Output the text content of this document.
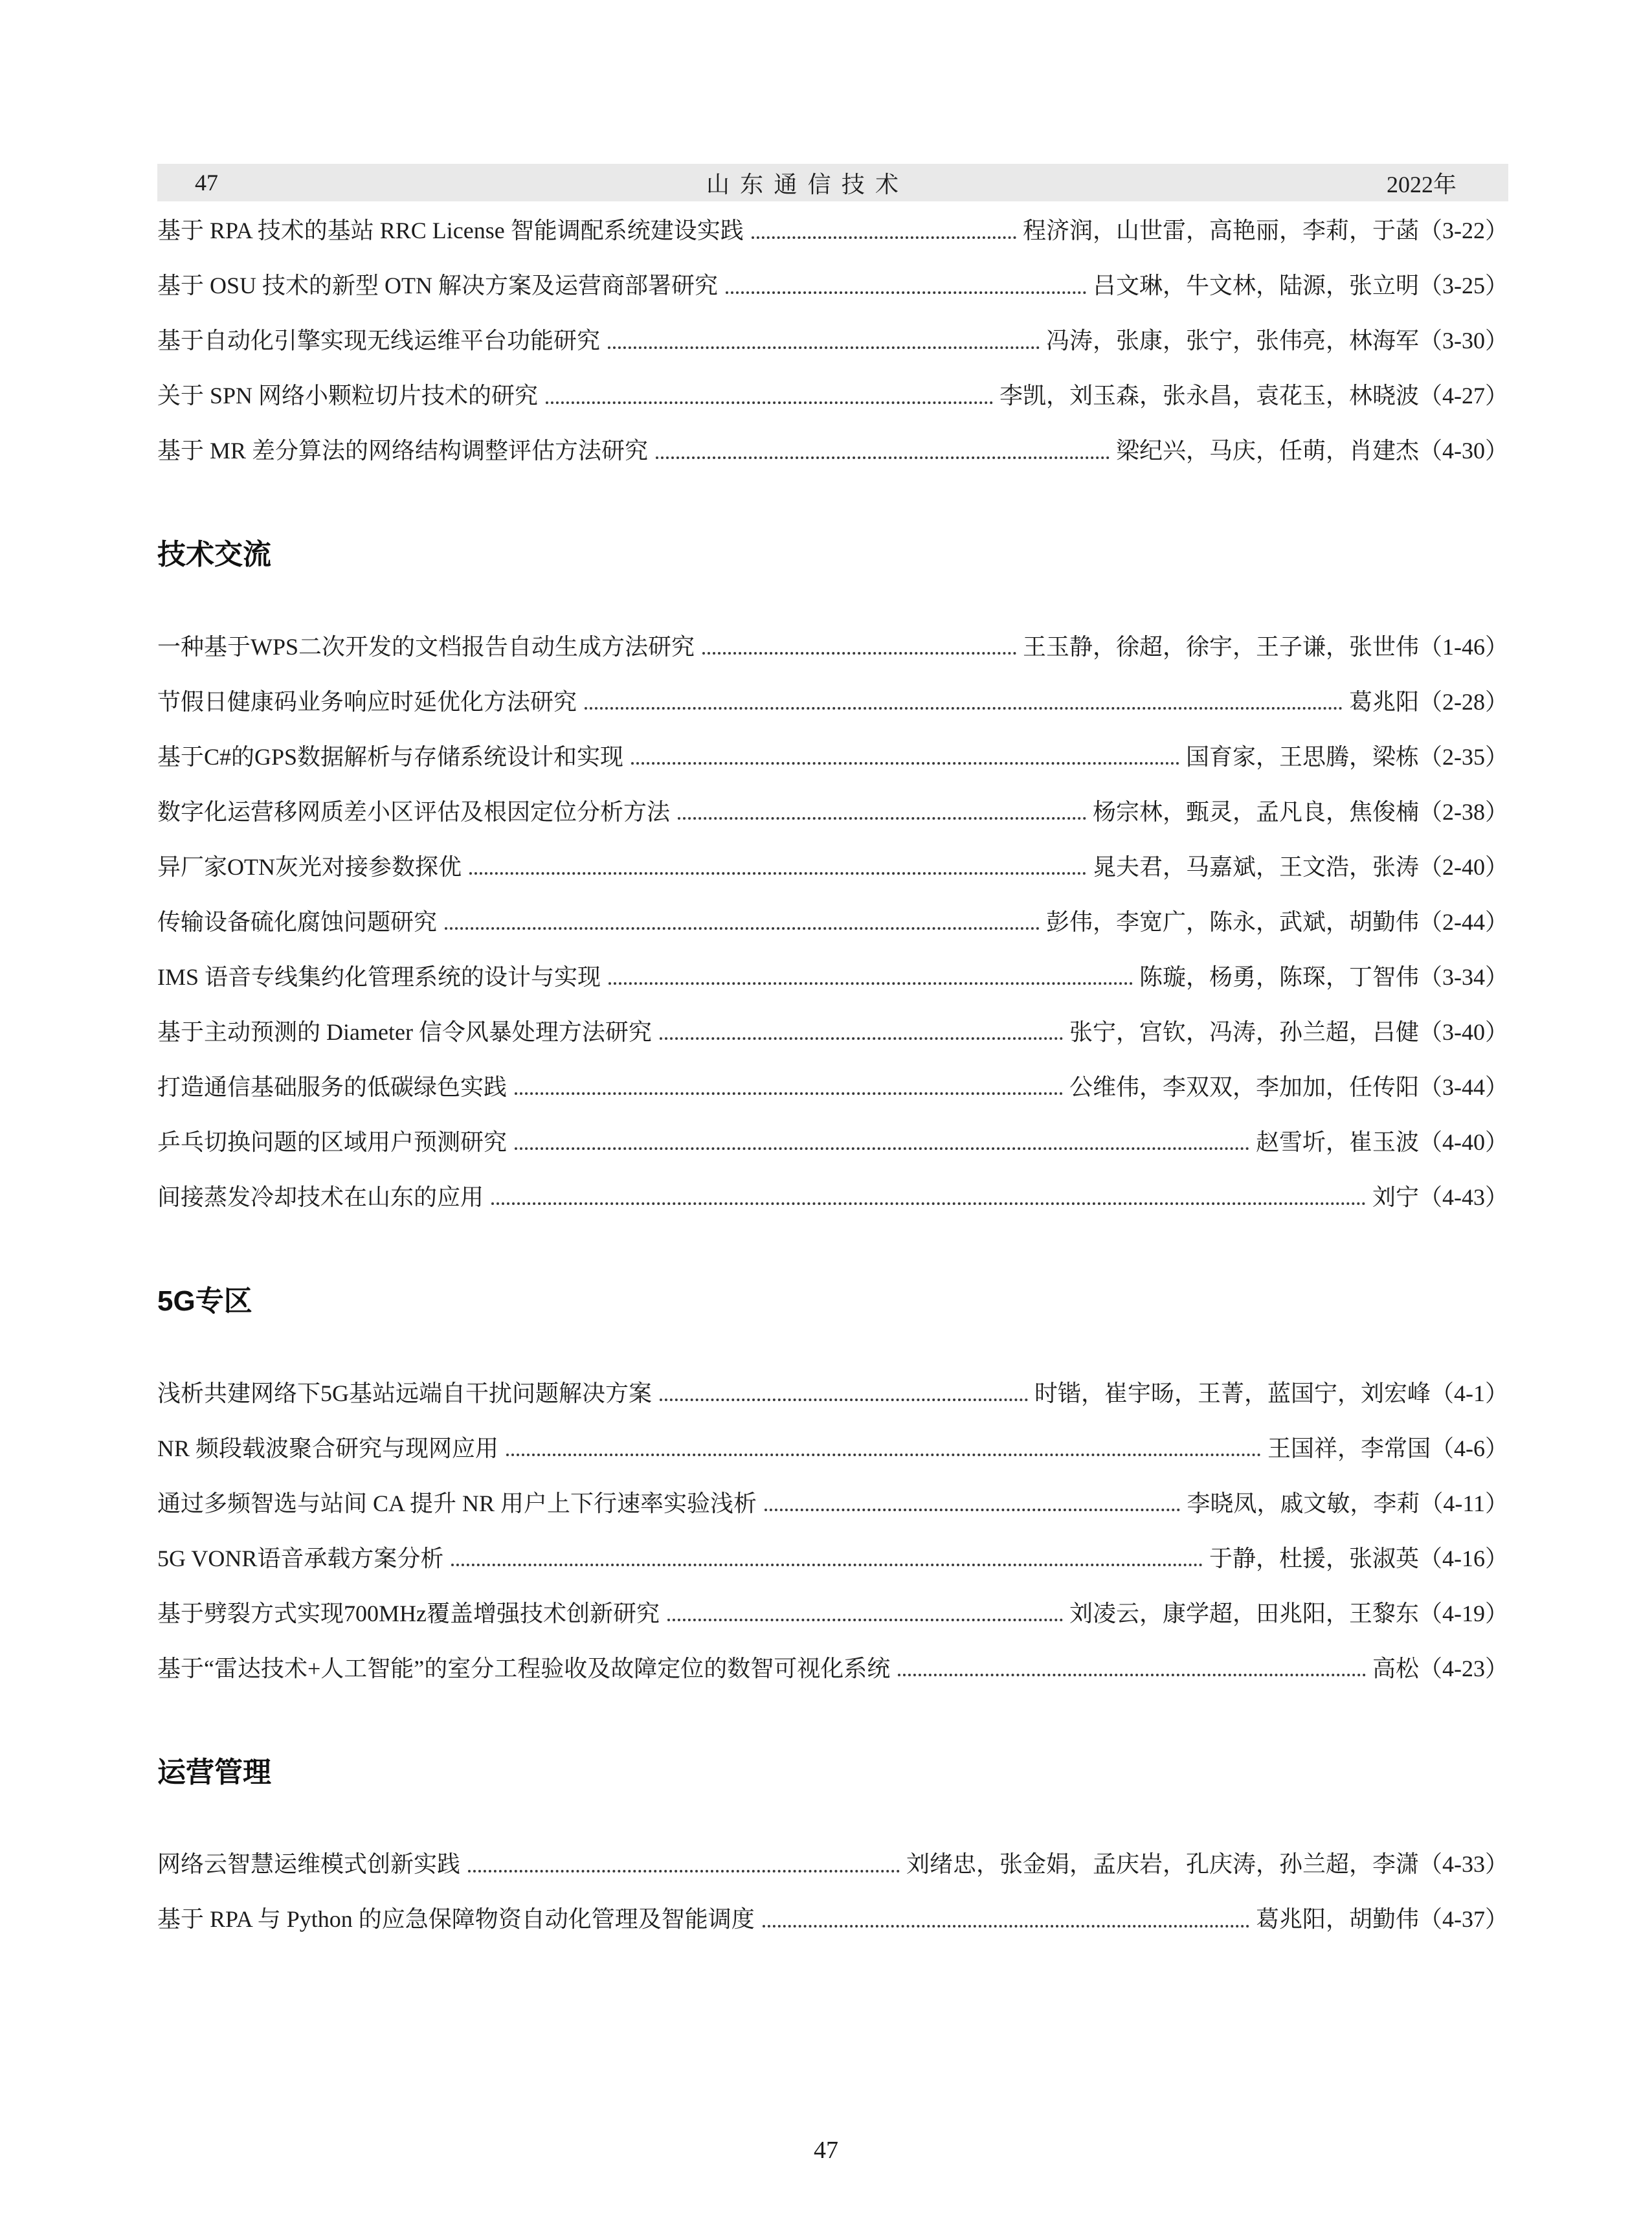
47	山东通信技术	2022年
基于 RPA 技术的基站 RRC License 智能调配系统建设实践	程济润，山世雷，高艳丽，李莉，于菡 （3-22）
基于 OSU 技术的新型 OTN 解决方案及运营商部署研究	吕文琳，牛文林，陆源，张立明 （3-25）
基于自动化引擎实现无线运维平台功能研究	冯涛，张康，张宁，张伟亮，林海军 （3-30）
关于 SPN 网络小颗粒切片技术的研究	李凯，刘玉森，张永昌，袁花玉，林晓波 （4-27）
基于 MR 差分算法的网络结构调整评估方法研究	梁纪兴，马庆，任萌，肖建杰 （4-30）
技术交流
一种基于WPS二次开发的文档报告自动生成方法研究	王玉静，徐超，徐宇，王子谦，张世伟 （1-46）
节假日健康码业务响应时延优化方法研究	葛兆阳 （2-28）
基于C#的GPS数据解析与存储系统设计和实现	国育家，王思腾，梁栋 （2-35）
数字化运营移网质差小区评估及根因定位分析方法	杨宗林，甄灵，孟凡良，焦俊楠 （2-38）
异厂家OTN灰光对接参数探优	晁夫君，马嘉斌，王文浩，张涛 （2-40）
传输设备硫化腐蚀问题研究	彭伟，李宽广，陈永，武斌，胡勤伟 （2-44）
IMS 语音专线集约化管理系统的设计与实现	陈璇，杨勇，陈琛，丁智伟 （3-34）
基于主动预测的 Diameter 信令风暴处理方法研究	张宁，宫钦，冯涛，孙兰超，吕健 （3-40）
打造通信基础服务的低碳绿色实践	公维伟，李双双，李加加，任传阳 （3-44）
乒乓切换问题的区域用户预测研究	赵雪圻，崔玉波 （4-40）
间接蒸发冷却技术在山东的应用	刘宁 （4-43）
5G专区
浅析共建网络下5G基站远端自干扰问题解决方案	时锴，崔宇旸，王菁，蓝国宁，刘宏峰 （4-1）
NR 频段载波聚合研究与现网应用	王国祥，李常国 （4-6）
通过多频智选与站间 CA 提升 NR 用户上下行速率实验浅析	李晓凤，戚文敏，李莉 （4-11）
5G VONR语音承载方案分析	于静，杜援，张淑英 （4-16）
基于劈裂方式实现700MHz覆盖增强技术创新研究	刘凌云，康学超，田兆阳，王黎东 （4-19）
基于“雷达技术+人工智能”的室分工程验收及故障定位的数智可视化系统	高松 （4-23）
运营管理
网络云智慧运维模式创新实践	刘绪忠，张金娟，孟庆岩，孔庆涛，孙兰超，李潇 （4-33）
基于 RPA 与 Python 的应急保障物资自动化管理及智能调度	葛兆阳，胡勤伟 （4-37）
47
